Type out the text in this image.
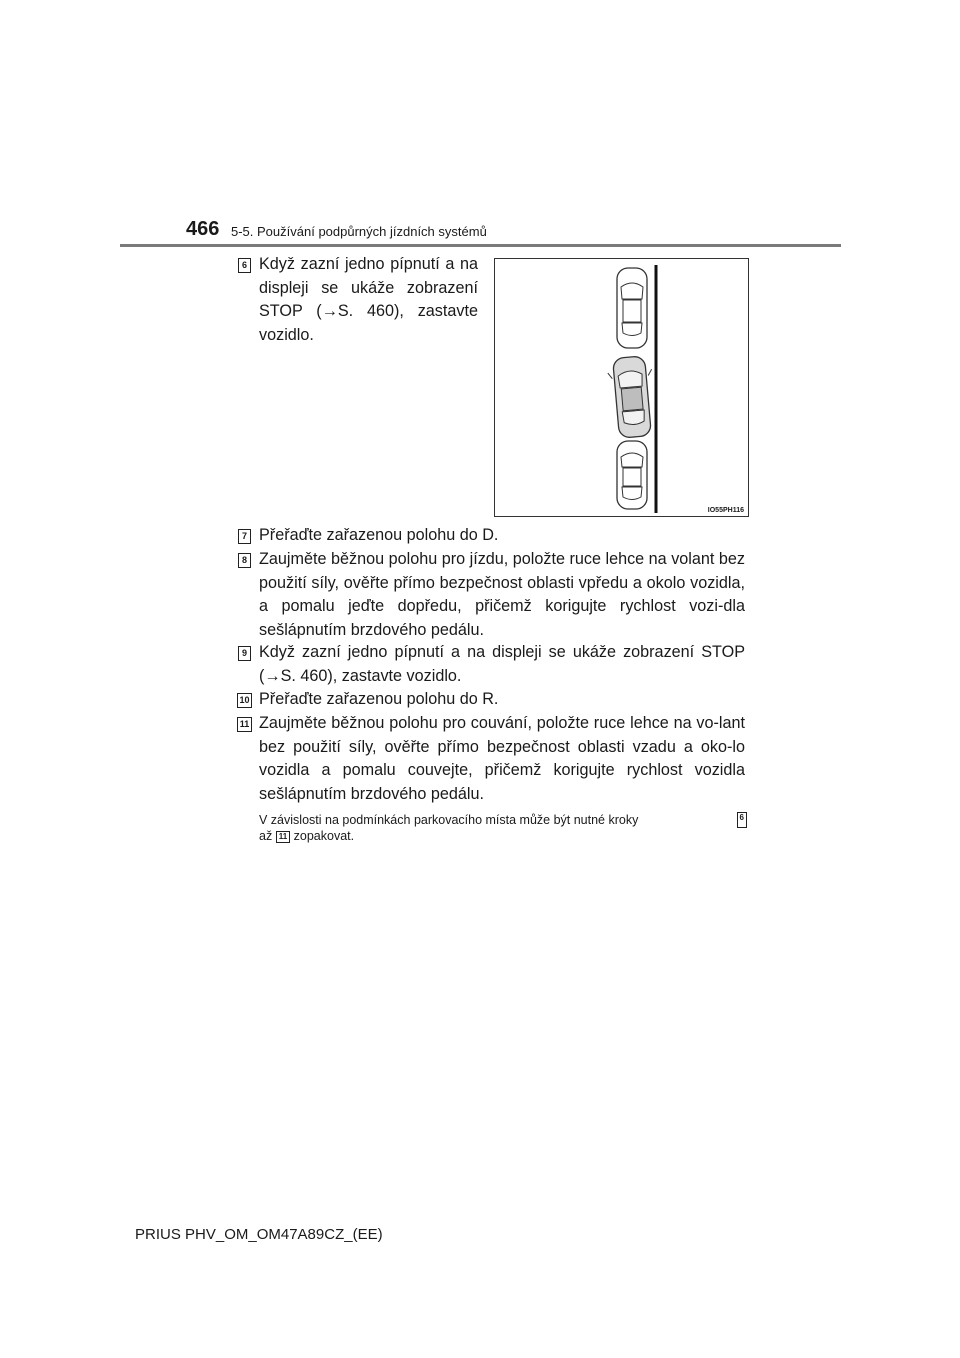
466 5-5. Používání podpůrných jízdních systémů
6 Když zazní jedno pípnutí a na displeji se ukáže zobrazení STOP (→S. 460), zastavte vozidlo.
IO55PH116
7 Přeřaďte zařazenou polohu do D.
8 Zaujměte běžnou polohu pro jízdu, položte ruce lehce na volant bez použití síly, ověřte přímo bezpečnost oblasti vpředu a okolo vozidla, a pomalu jeďte dopředu, přičemž korigujte rychlost vozi-dla sešlápnutím brzdového pedálu.
9 Když zazní jedno pípnutí a na displeji se ukáže zobrazení STOP (→S. 460), zastavte vozidlo.
10 Přeřaďte zařazenou polohu do R.
11 Zaujměte běžnou polohu pro couvání, položte ruce lehce na vo-lant bez použití síly, ověřte přímo bezpečnost oblasti vzadu a oko-lo vozidla a pomalu couvejte, přičemž korigujte rychlost vozidla sešlápnutím brzdového pedálu.
V závislosti na podmínkách parkovacího místa může být nutné kroky	6
až 11 zopakovat.
PRIUS PHV_OM_OM47A89CZ_(EE)
